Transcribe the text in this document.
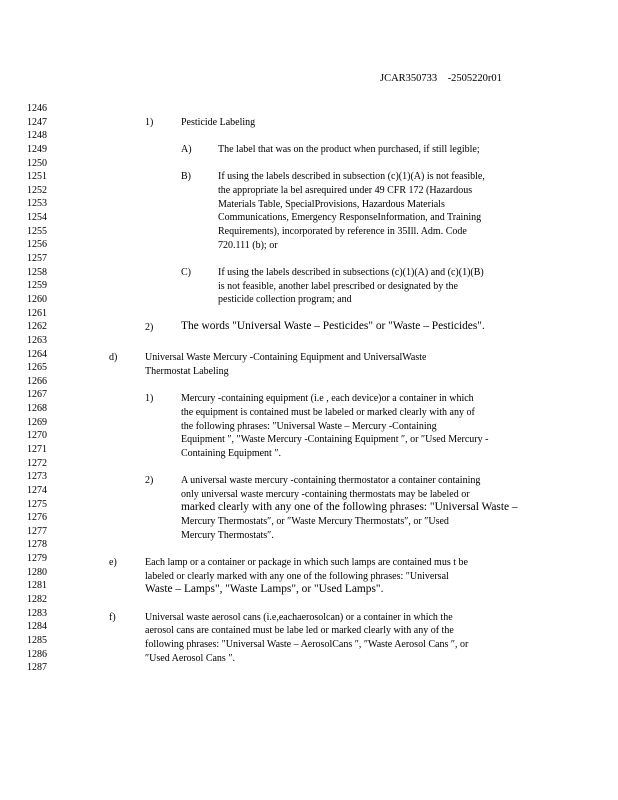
JCAR350733 -2505220r01
1246
1247
1248
1249
1250
1251
1252
1253
1254
1255
1256
1257
1258
1259
1260
1261
1262
1263
1264
1265
1266
1267
1268
1269
1270
1271
1272
1273
1274
1275
1276
1277
1278
1279
1280
1281
1282
1283
1284
1285
1286
1287
1)	Pesticide Labeling
A)	The label that was on the product when purchased, if still legible;
B)	If using the labels described in subsection (c)(1)(A) is not feasible,
the appropriate la bel asrequired under 49 CFR 172 (Hazardous
Materials Table, SpecialProvisions, Hazardous Materials
Communications, Emergency ResponseInformation, and Training
Requirements), incorporated by reference in 35Ill. Adm. Code
720.111 (b); or
C)	If using the labels described in subsections (c)(1)(A) and (c)(1)(B)
is not feasible, another label prescribed or designated by the
pesticide collection program; and
2) The words "Universal Waste – Pesticides" or "Waste – Pesticides".
d)	Universal Waste Mercury -Containing Equipment and UniversalWaste
Thermostat Labeling
1)	Mercury -containing equipment (i.e , each device)or a container in which
the equipment is contained must be labeled or marked clearly with any of
the following phrases: ″Universal Waste – Mercury -Containing
Equipment ″, ″Waste Mercury -Containing Equipment ″, or ″Used Mercury -
Containing Equipment ″.
2)	A universal waste mercury -containing thermostator a container containing
only universal waste mercury -containing thermostats may be labeled or
marked clearly with any one of the following phrases: "Universal Waste –
Mercury Thermostats″, or ″Waste Mercury Thermostats″, or ″Used
Mercury Thermostats″.
e)	Each lamp or a container or package in which such lamps are contained mus t be
labeled or clearly marked with any one of the following phrases: ″Universal
Waste – Lamps", "Waste Lamps", or "Used Lamps".
f)	Universal waste aerosol cans (i.e,eachaerosolcan) or a container in which the
aerosol cans are contained must be labe led or marked clearly with any of the
following phrases: "Universal Waste – AerosolCans ″, ″Waste Aerosol Cans ″, or
″Used Aerosol Cans ″.
